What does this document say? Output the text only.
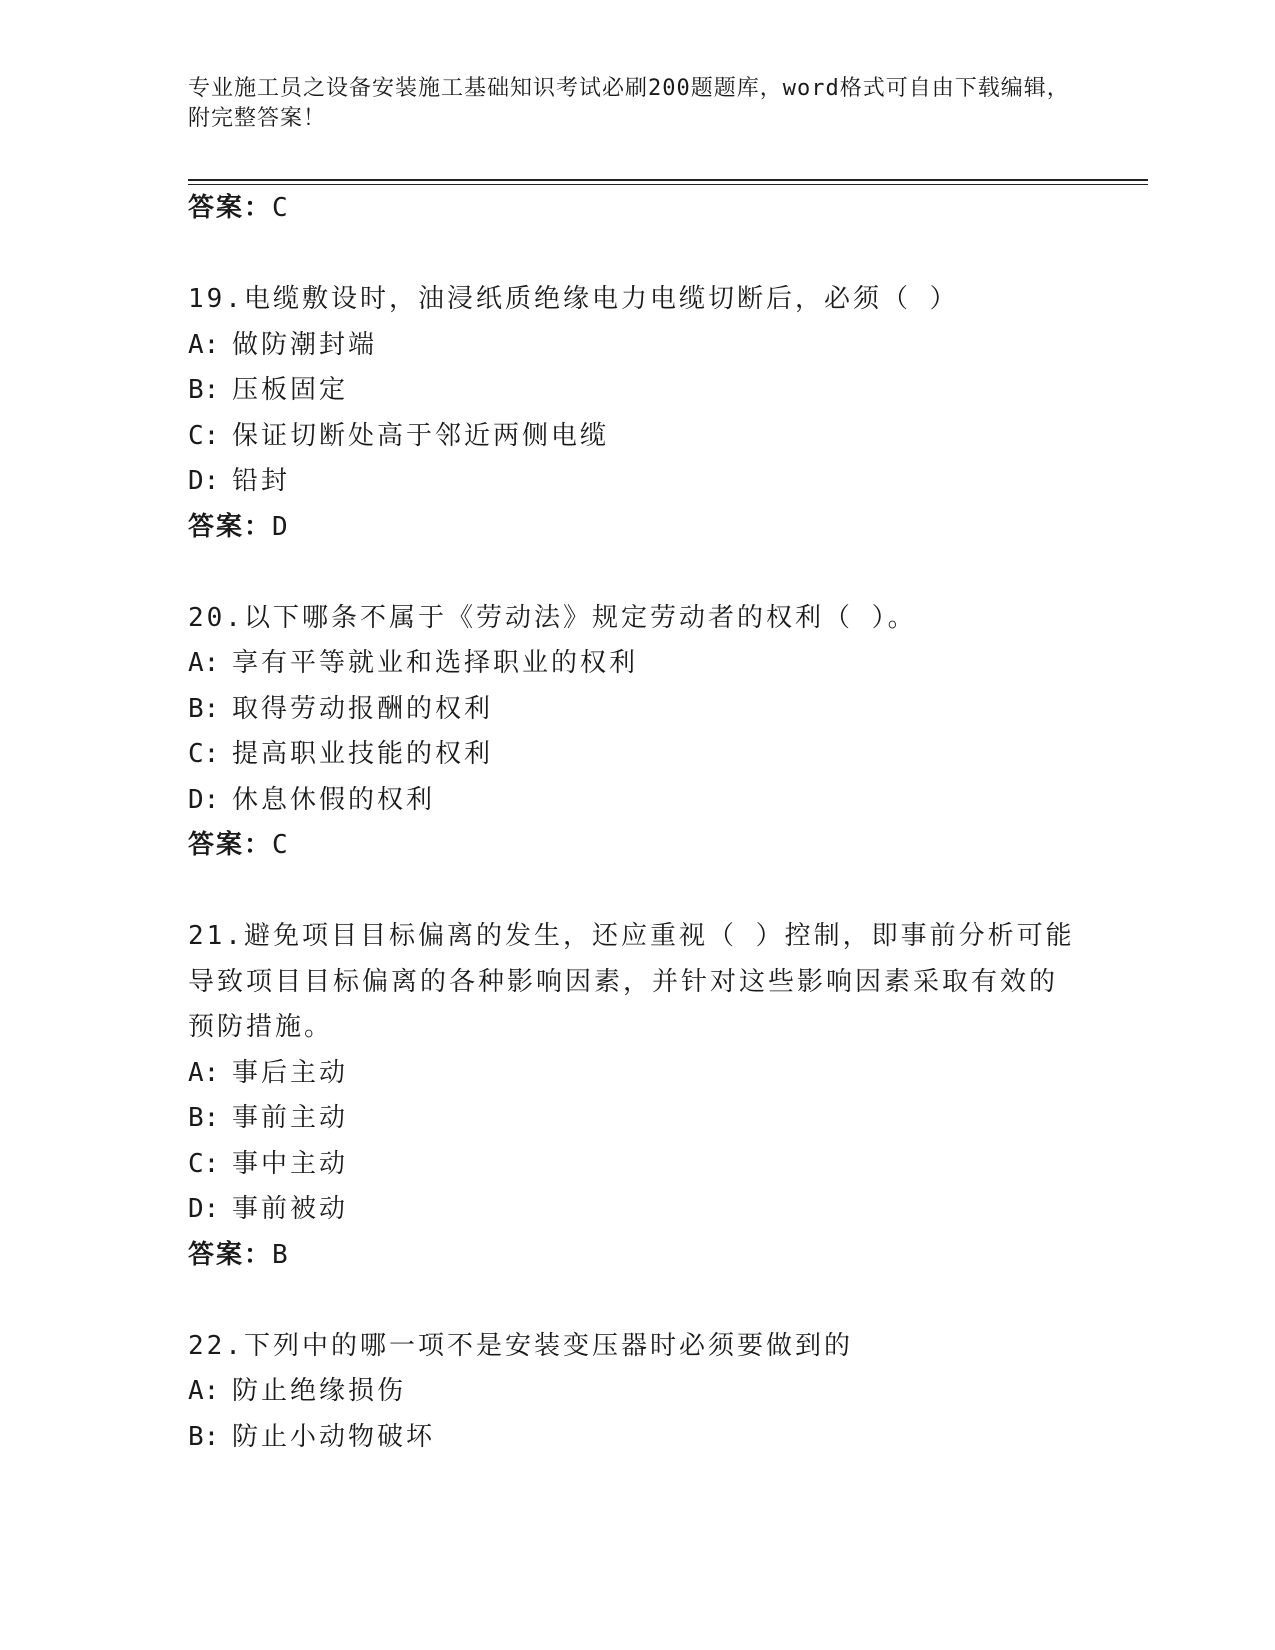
专业施工员之设备安装施工基础知识考试必刷200题题库，word格式可自由下载编辑，附完整答案！

答案：C
19.电缆敷设时，油浸纸质绝缘电力电缆切断后，必须（ ）
A: 做防潮封端
B: 压板固定
C: 保证切断处高于邻近两侧电缆
D: 铅封
答案：D
20.以下哪条不属于《劳动法》规定劳动者的权利（ ）。
A: 享有平等就业和选择职业的权利
B: 取得劳动报酬的权利
C: 提高职业技能的权利
D: 休息休假的权利
答案：C
21.避免项目目标偏离的发生，还应重视（ ）控制，即事前分析可能
导致项目目标偏离的各种影响因素，并针对这些影响因素采取有效的
预防措施。
A: 事后主动
B: 事前主动
C: 事中主动
D: 事前被动
答案：B
22.下列中的哪一项不是安装变压器时必须要做到的
A: 防止绝缘损伤
B: 防止小动物破坏
